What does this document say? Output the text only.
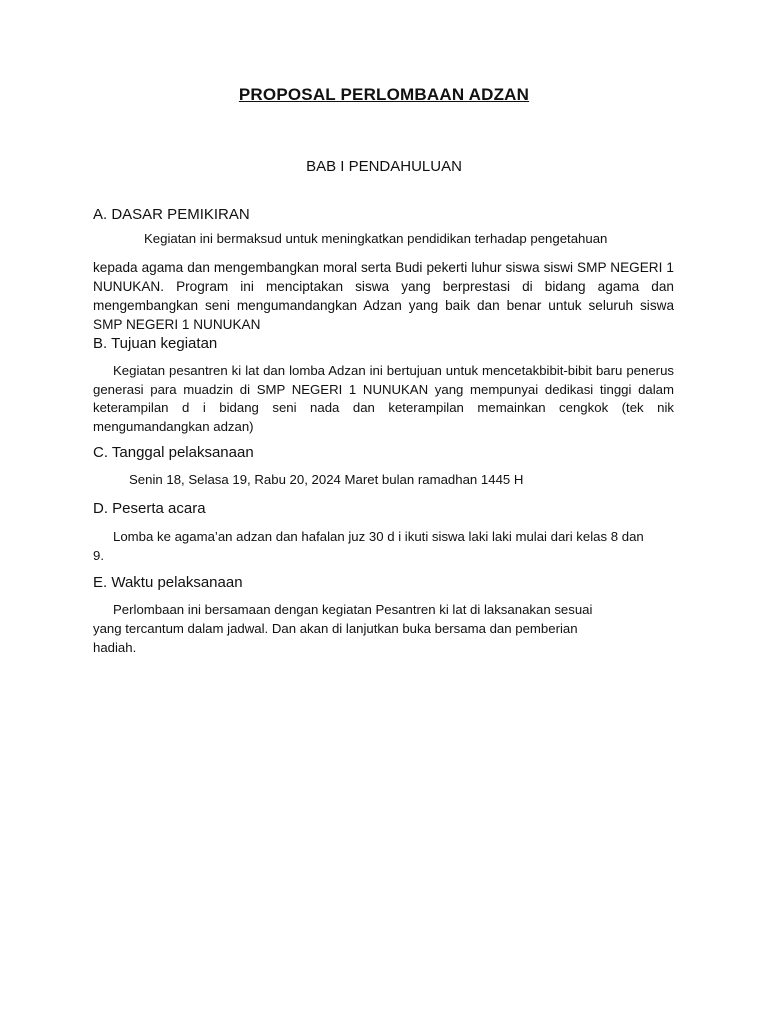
PROPOSAL PERLOMBAAN ADZAN
BAB I PENDAHULUAN
A. DASAR PEMIKIRAN
Kegiatan ini bermaksud untuk meningkatkan pendidikan terhadap pengetahuan
kepada agama dan mengembangkan moral serta Budi pekerti luhur siswa siswi SMP NEGERI 1 NUNUKAN. Program ini menciptakan siswa yang berprestasi di bidang agama dan mengembangkan seni mengumandangkan Adzan yang baik dan benar untuk seluruh siswa SMP NEGERI 1 NUNUKAN
B. Tujuan kegiatan
Kegiatan pesantren ki lat dan lomba Adzan ini bertujuan untuk mencetakbibit-bibit baru penerus generasi para muadzin di SMP NEGERI 1 NUNUKAN yang mempunyai dedikasi tinggi dalam keterampilan d i bidang seni nada dan keterampilan memainkan cengkok (tek nik mengumandangkan adzan)
C. Tanggal pelaksanaan
Senin 18, Selasa 19, Rabu 20, 2024 Maret bulan ramadhan 1445 H
D. Peserta acara
Lomba ke agama’an adzan dan hafalan juz 30 d i ikuti siswa laki laki mulai dari kelas 8 dan 9.
E. Waktu pelaksanaan
Perlombaan ini bersamaan dengan kegiatan Pesantren ki lat di laksanakan sesuai
yang tercantum dalam jadwal. Dan akan di lanjutkan buka bersama dan pemberian
hadiah.
